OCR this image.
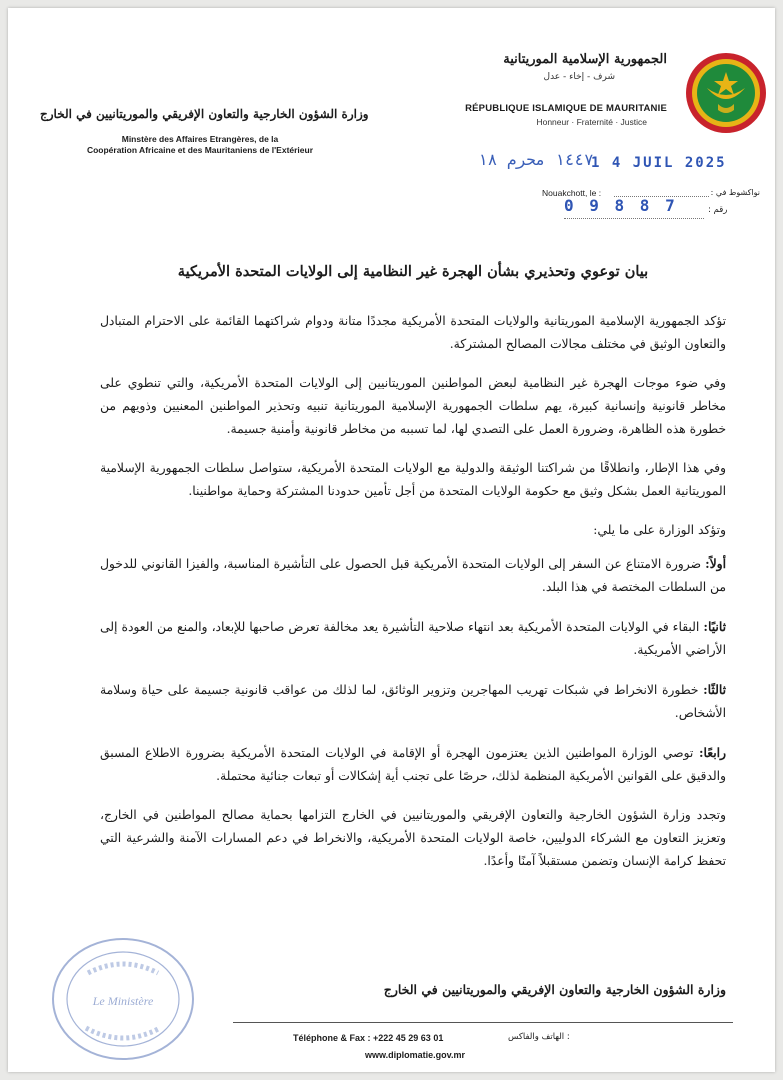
الجمهورية الإسلامية الموريتانية
شرف - إخاء - عدل
RÉPUBLIQUE ISLAMIQUE DE MAURITANIE
Honneur · Fraternité · Justice
وزارة الشؤون الخارجية والتعاون الإفريقي والموريتانيين في الخارج
Minstère des Affaires Etrangères, de la
Coopération Africaine et des Mauritaniens de l'Extérieur	١٤٤٧ محرم ١٨
1 4 JUIL 2025
Nouakchott, le :	نواكشوط في :
0 9 8 8 7	رقم :
بيان توعوي وتحذيري بشأن الهجرة غير النظامية إلى الولايات المتحدة الأمريكية

تؤكد الجمهورية الإسلامية الموريتانية والولايات المتحدة الأمريكية مجددًا متانة ودوام شراكتهما القائمة على الاحترام المتبادل والتعاون الوثيق في مختلف مجالات المصالح المشتركة.

وفي ضوء موجات الهجرة غير النظامية لبعض المواطنين الموريتانيين إلى الولايات المتحدة الأمريكية، والتي تنطوي على مخاطر قانونية وإنسانية كبيرة، يهم سلطات الجمهورية الإسلامية الموريتانية تنبيه وتحذير المواطنين المعنيين وذويهم من خطورة هذه الظاهرة، وضرورة العمل على التصدي لها، لما تسببه من مخاطر قانونية وأمنية جسيمة.

وفي هذا الإطار، وانطلاقًا من شراكتنا الوثيقة والدولية مع الولايات المتحدة الأمريكية، ستواصل سلطات الجمهورية الإسلامية الموريتانية العمل بشكل وثيق مع حكومة الولايات المتحدة من أجل تأمين حدودنا المشتركة وحماية مواطنينا.

وتؤكد الوزارة على ما يلي:

أولاً: ضرورة الامتناع عن السفر إلى الولايات المتحدة الأمريكية قبل الحصول على التأشيرة المناسبة، والفيزا القانوني للدخول من السلطات المختصة في هذا البلد.

ثانيًا: البقاء في الولايات المتحدة الأمريكية بعد انتهاء صلاحية التأشيرة يعد مخالفة تعرض صاحبها للإبعاد، والمنع من العودة إلى الأراضي الأمريكية.

ثالثًا: خطورة الانخراط في شبكات تهريب المهاجرين وتزوير الوثائق، لما لذلك من عواقب قانونية جسيمة على حياة وسلامة الأشخاص.

رابعًا: توصي الوزارة المواطنين الذين يعتزمون الهجرة أو الإقامة في الولايات المتحدة الأمريكية بضرورة الاطلاع المسبق والدقيق على القوانين الأمريكية المنظمة لذلك، حرصًا على تجنب أية إشكالات أو تبعات جنائية محتملة.

وتجدد وزارة الشؤون الخارجية والتعاون الإفريقي والموريتانيين في الخارج التزامها بحماية مصالح المواطنين في الخارج، وتعزيز التعاون مع الشركاء الدوليين، خاصة الولايات المتحدة الأمريكية، والانخراط في دعم المسارات الآمنة والشرعية التي تحفظ كرامة الإنسان وتضمن مستقبلاً آمنًا وأعدًا.

Le Ministère
وزارة الشؤون الخارجية والتعاون الإفريقي والموريتانيين في الخارج
Téléphone & Fax : +222 45 29 63 01	: الهاتف والفاكس
www.diplomatie.gov.mr
